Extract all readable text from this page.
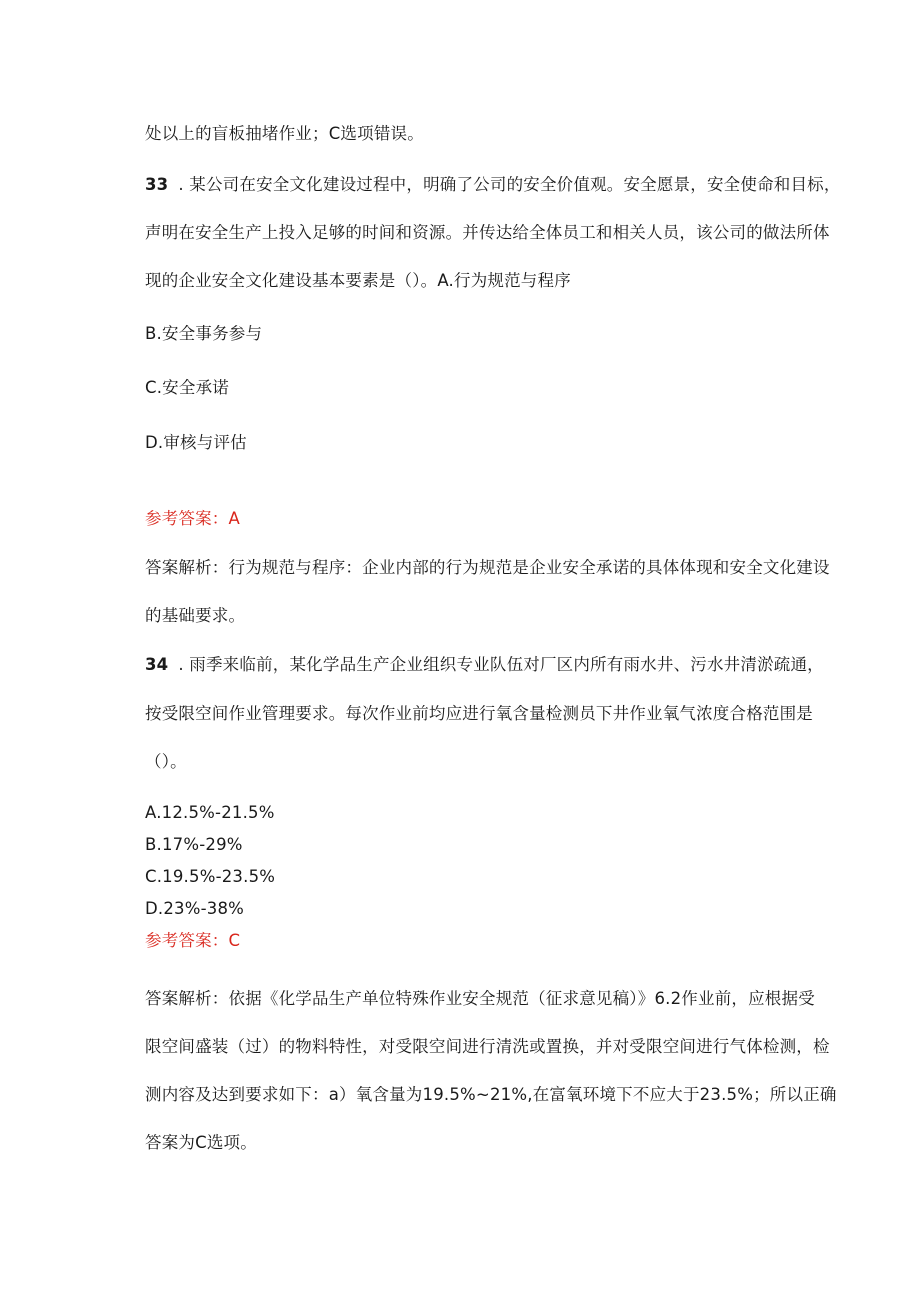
处以上的盲板抽堵作业；C选项错误。
33 . 某公司在安全文化建设过程中，明确了公司的安全价值观。安全愿景，安全使命和目标，
声明在安全生产上投入足够的时间和资源。并传达给全体员工和相关人员，该公司的做法所体
现的企业安全文化建设基本要素是（）。A.行为规范与程序
B.安全事务参与
C.安全承诺
D.审核与评估
参考答案：A
答案解析：行为规范与程序：企业内部的行为规范是企业安全承诺的具体体现和安全文化建设
的基础要求。
34 . 雨季来临前，某化学品生产企业组织专业队伍对厂区内所有雨水井、污水井清淤疏通，
按受限空间作业管理要求。每次作业前均应进行氧含量检测员下井作业氧气浓度合格范围是
（）。
A.12.5%-21.5%
B.17%-29%
C.19.5%-23.5%
D.23%-38%
参考答案：C
答案解析：依据《化学品生产单位特殊作业安全规范（征求意见稿）》6.2作业前，应根据受
限空间盛装（过）的物料特性，对受限空间进行清洗或置换，并对受限空间进行气体检测，检
测内容及达到要求如下：a）氧含量为19.5%~21%,在富氧环境下不应大于23.5%；所以正确
答案为C选项。
